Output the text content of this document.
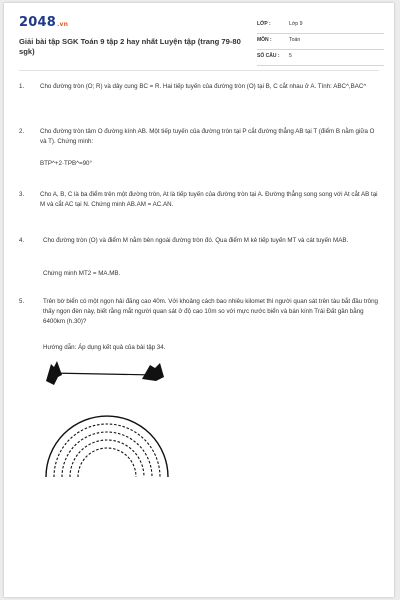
2048.vn
Giải bài tập SGK Toán 9 tập 2 hay nhất Luyện tập (trang 79-80 sgk)
LỚP :	Lớp 9
MÔN :	Toán
SỐ CÂU : 5
1.	Cho đường tròn (O; R) và dây cung BC = R. Hai tiếp tuyến của đường tròn (O) tại B, C cắt nhau ở A. Tính: ABC^,BAC^
2.	Cho đường tròn tâm O đường kính AB. Một tiếp tuyến của đường tròn tại P cắt đường thẳng AB tại T (điểm B nằm giữa O và T). Chứng minh:
BTP^+2·TPB^=90°
3.	Cho A, B, C là ba điểm trên một đường tròn, At là tiếp tuyến của đường tròn tại A. Đường thẳng song song với At cắt AB tại M và cắt AC tại N. Chứng minh AB.AM = AC.AN.
4.	Cho đường tròn (O) và điểm M nằm bên ngoài đường tròn đó. Qua điểm M kẻ tiếp tuyến MT và cát tuyến MAB.
Chứng minh MT2 = MA.MB.
5.	Trên bờ biển có một ngọn hải đăng cao 40m. Với khoảng cách bao nhiêu kilomet thì người quan sát trên tàu bắt đầu trông thấy ngọn đèn này, biết rằng mắt người quan sát ở độ cao 10m so với mực nước biển và bán kính Trái Đất gần bằng 6400km (h.30)?
Hướng dẫn: Áp dụng kết quả của bài tập 34.
